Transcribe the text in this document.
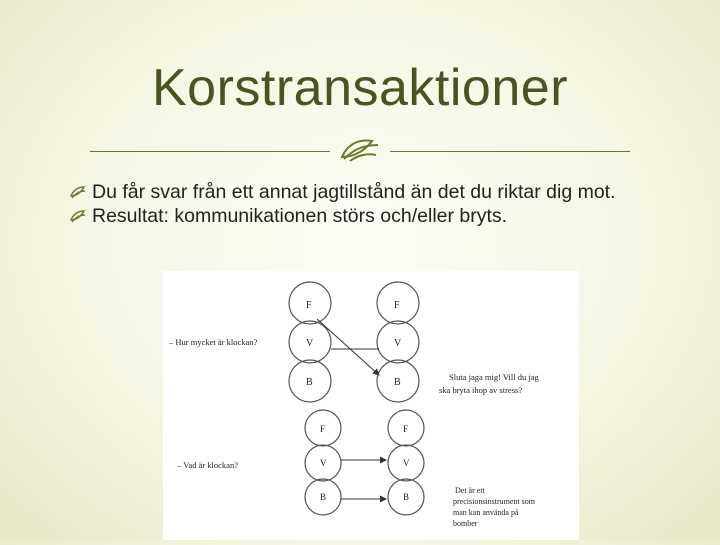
Korstransaktioner
Du får svar från ett annat jagtillstånd än det du riktar dig mot.
Resultat: kommunikationen störs och/eller bryts.
F
V
B
F
V
B
– Hur mycket är klockan?
Sluta jaga mig! Vill du jag
ska bryta ihop av stress?
F
V
B
F
V
B
– Vad är klockan?
Det är ett
precisionsinstrument som
man kan använda på
bomber
